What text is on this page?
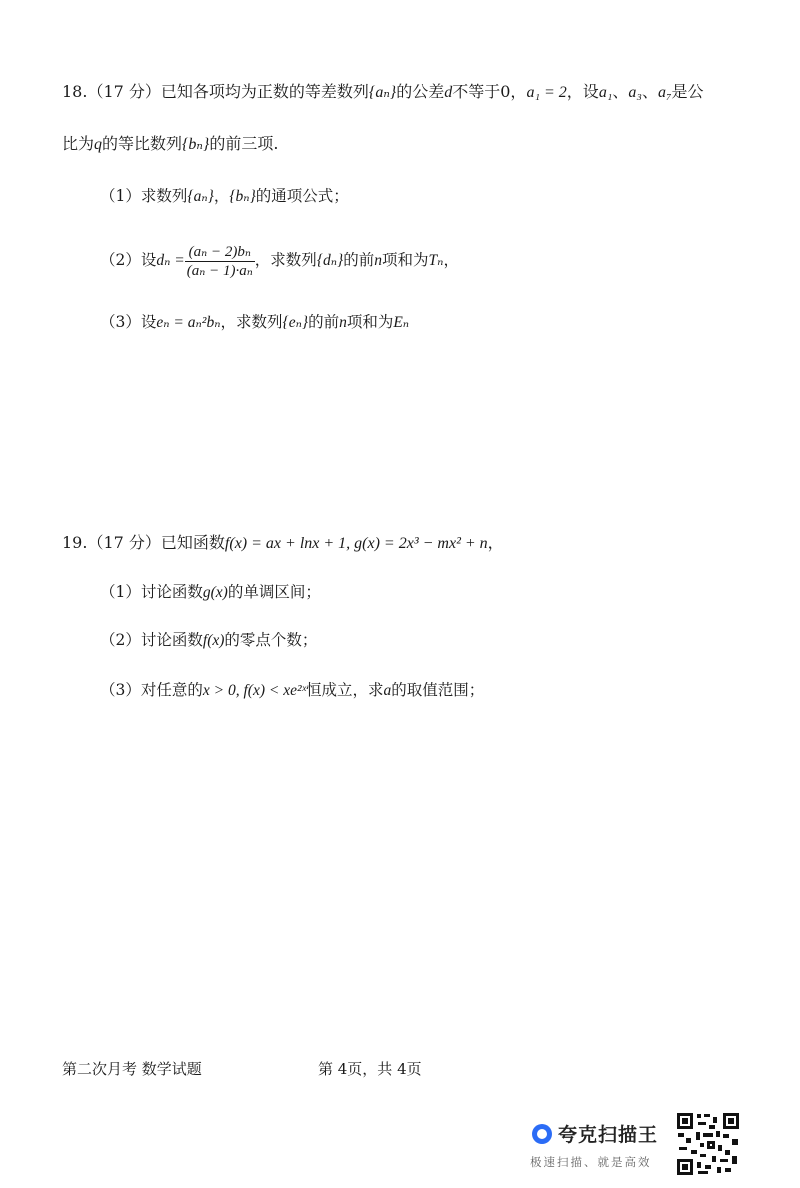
18.（17 分）已知各项均为正数的等差数列{aₙ}的公差d不等于0，a₁ = 2，设a₁、a₃、a₇是公
比为q的等比数列{bₙ}的前三项.
（1）求数列{aₙ}，{bₙ}的通项公式；
（2）设$d_n = \frac{\text{(aₙ − 2)bₙ}}{\text{(aₙ − 1)·aₙ}}$ ，求数列{dₙ}的前n项和为Tₙ，
（3）设eₙ = aₙ²bₙ，求数列{eₙ}的前n项和为Eₙ
19.（17 分）已知函数f(x) = ax + lnx + 1, g(x) = 2x³ − mx² + n，
（1）讨论函数g(x)的单调区间；
（2）讨论函数f(x)的零点个数；
（3）对任意的x > 0, f(x) < xe²ˣ恒成立，求a的取值范围；
第二次月考 数学试题	第 4页，共 4页
夸克扫描王
极速扫描、就是高效
